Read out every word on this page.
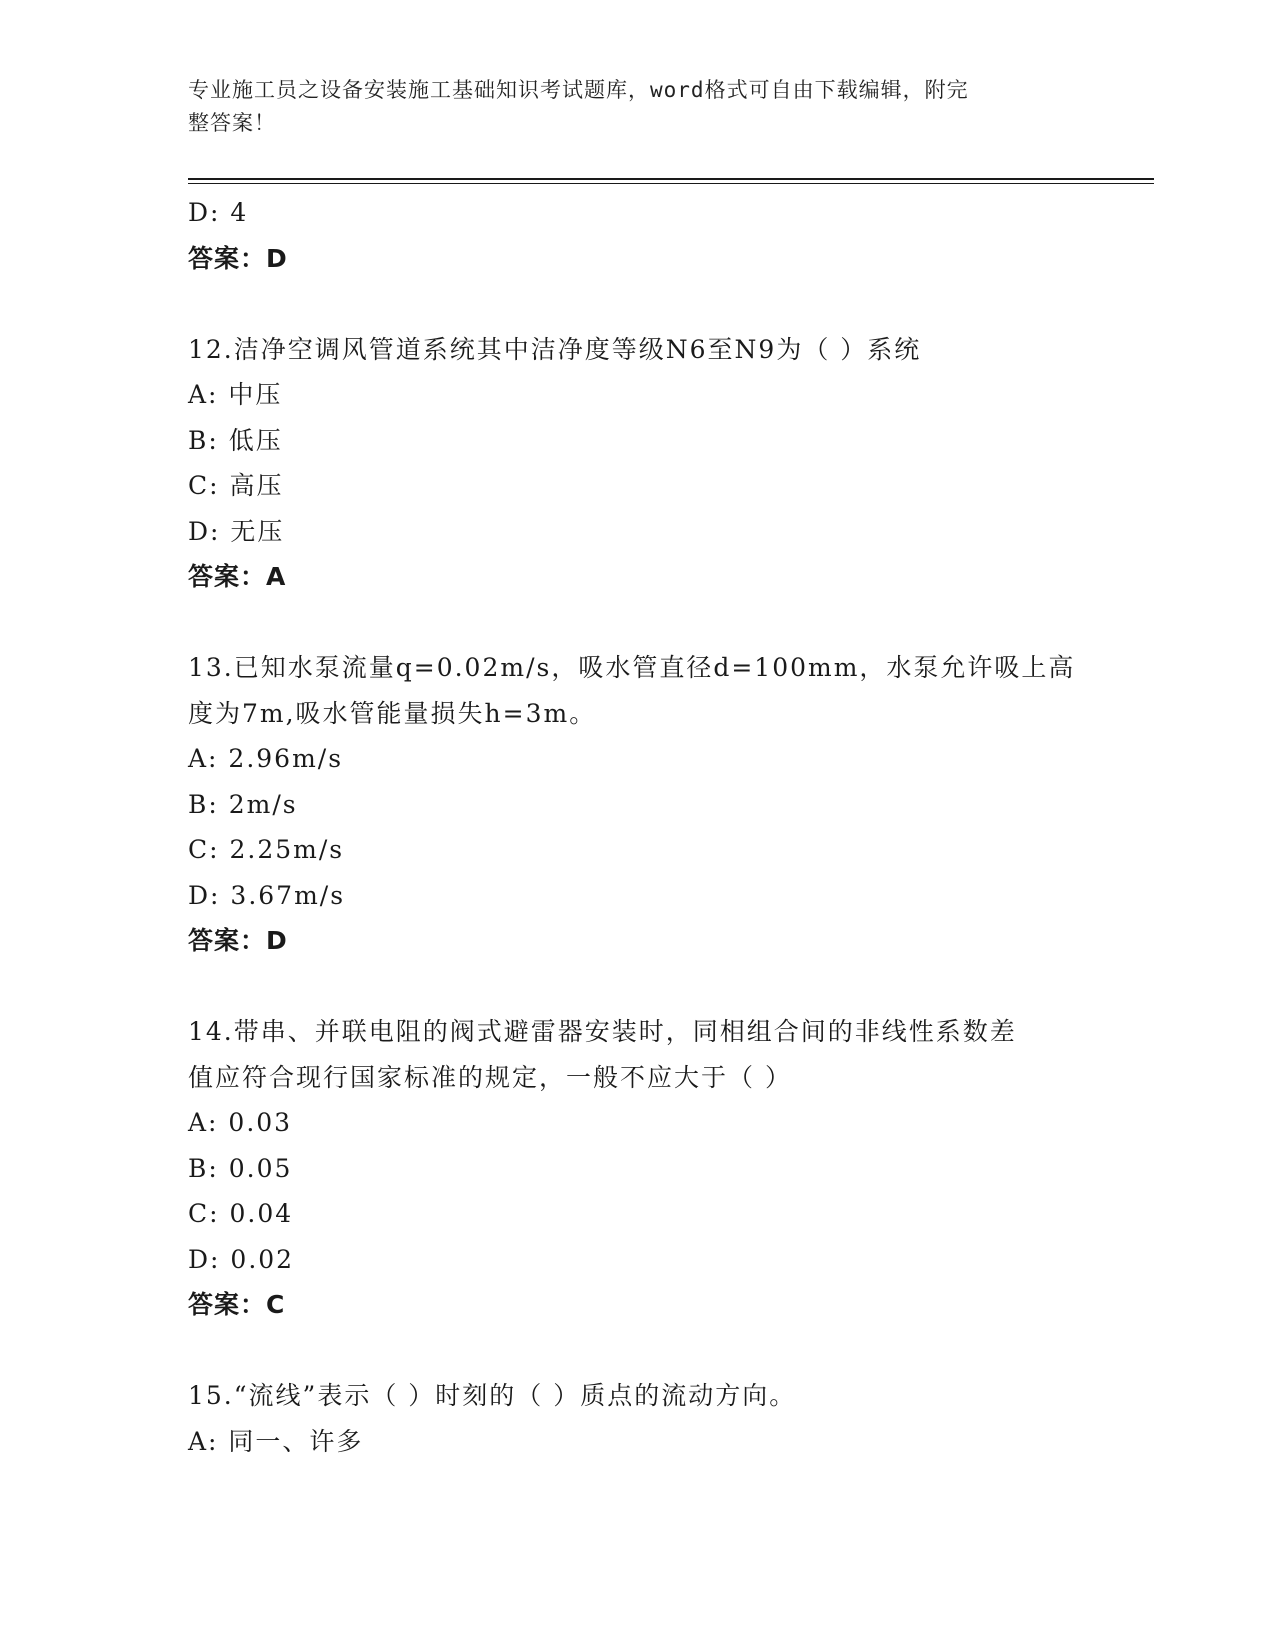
专业施工员之设备安装施工基础知识考试题库，word格式可自由下载编辑，附完
整答案！
D: 4
答案：D
12.洁净空调风管道系统其中洁净度等级N6至N9为（ ）系统
A: 中压
B: 低压
C: 高压
D: 无压
答案：A
13.已知水泵流量q=0.02m/s，吸水管直径d=100mm，水泵允许吸上高
度为7m,吸水管能量损失h=3m。
A: 2.96m/s
B: 2m/s
C: 2.25m/s
D: 3.67m/s
答案：D
14.带串、并联电阻的阀式避雷器安装时，同相组合间的非线性系数差
值应符合现行国家标准的规定，一般不应大于（ ）
A: 0.03
B: 0.05
C: 0.04
D: 0.02
答案：C
15.“流线”表示（ ）时刻的（ ）质点的流动方向。
A: 同一、许多
